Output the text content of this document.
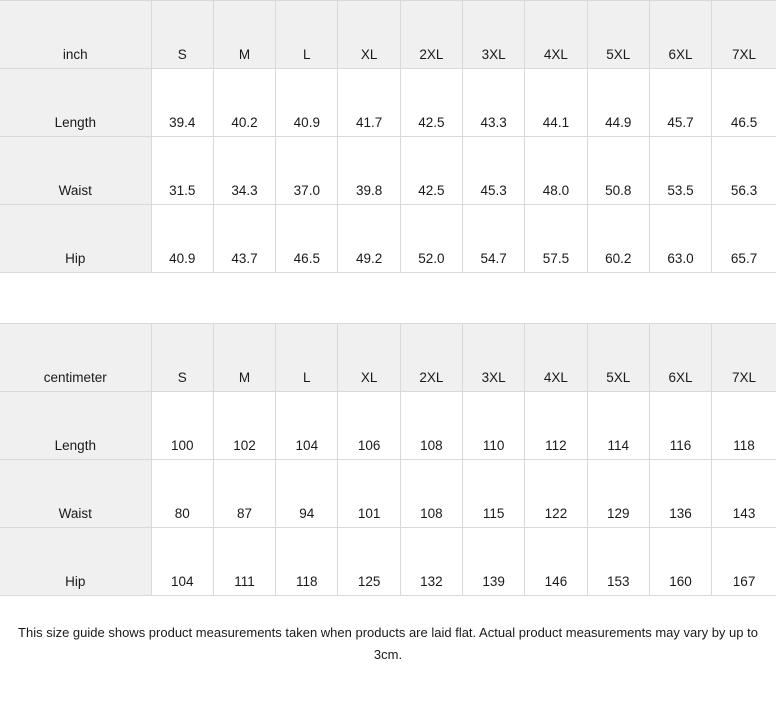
inch	S	M	L	XL	2XL	3XL	4XL	5XL	6XL	7XL
Length	39.4	40.2	40.9	41.7	42.5	43.3	44.1	44.9	45.7	46.5
Waist	31.5	34.3	37.0	39.8	42.5	45.3	48.0	50.8	53.5	56.3
Hip	40.9	43.7	46.5	49.2	52.0	54.7	57.5	60.2	63.0	65.7
centimeter	S	M	L	XL	2XL	3XL	4XL	5XL	6XL	7XL
Length	100	102	104	106	108	110	112	114	116	118
Waist	80	87	94	101	108	115	122	129	136	143
Hip	104	111	118	125	132	139	146	153	160	167
This size guide shows product measurements taken when products are laid flat. Actual product measurements may vary by up to 3cm.
